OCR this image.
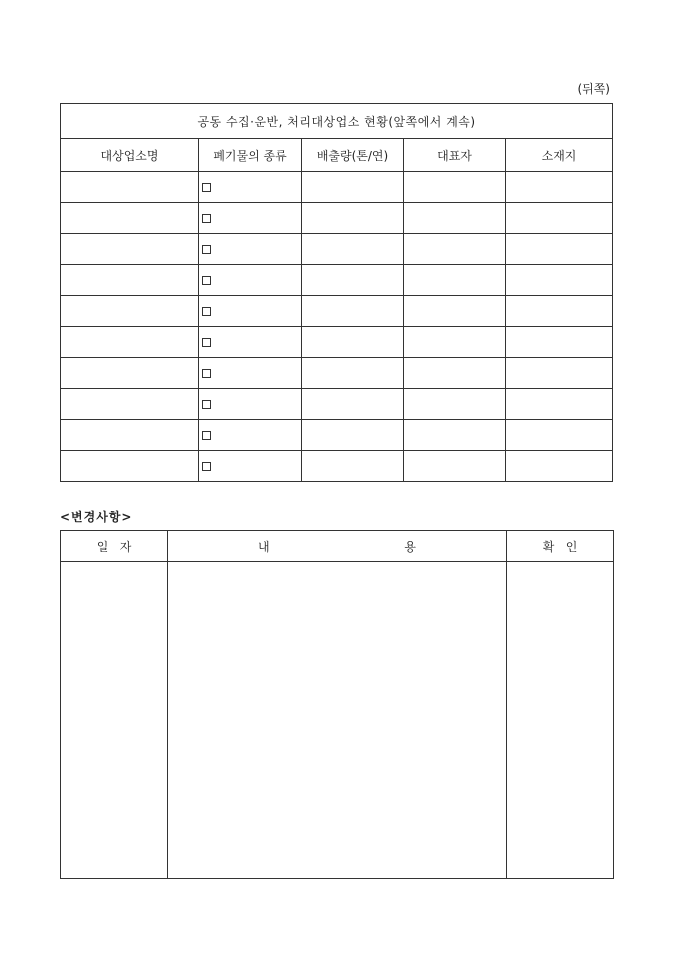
(뒤쪽)
공동 수집·운반, 처리대상업소 현황(앞쪽에서 계속)				
대상업소명	폐기물의 종류	배출량(톤/연)	대표자	소재지

<변경사항>
일 자	내 용	확 인
